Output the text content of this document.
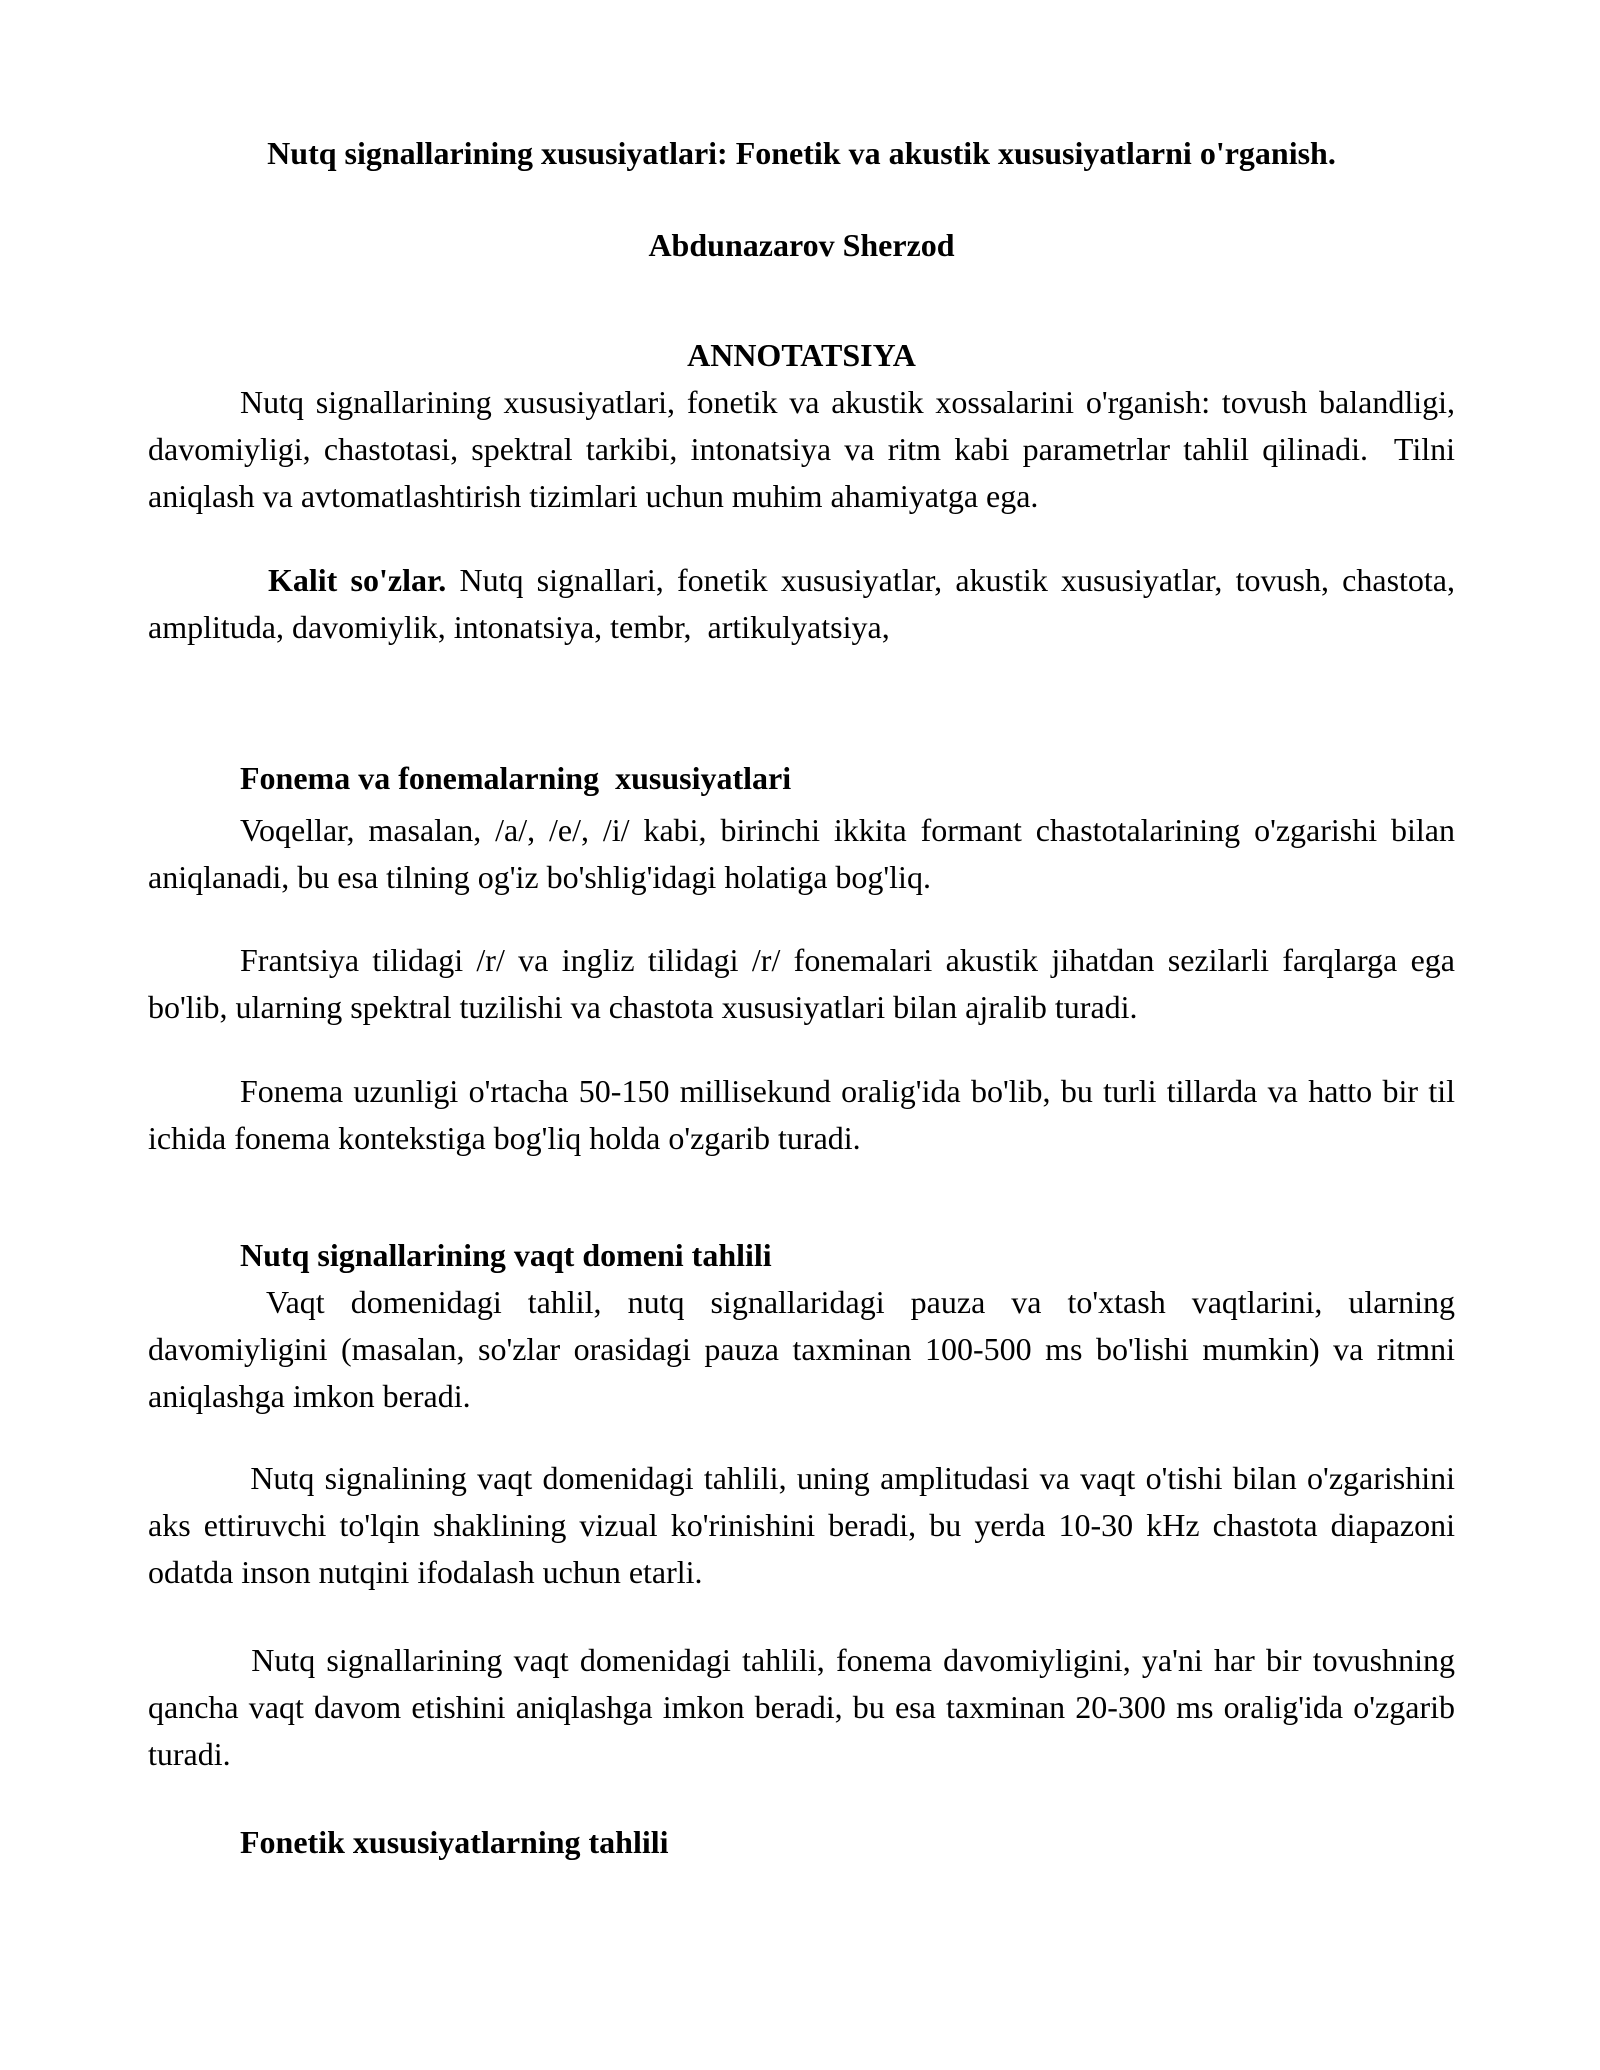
Nutq signallarining xususiyatlari: Fonetik va akustik xususiyatlarni o'rganish.

Abdunazarov Sherzod

ANNOTATSIYA

Nutq signallarining xususiyatlari, fonetik va akustik xossalarini o'rganish: tovush balandligi, davomiyligi, chastotasi, spektral tarkibi, intonatsiya va ritm kabi parametrlar tahlil qilinadi.  Tilni aniqlash va avtomatlashtirish tizimlari uchun muhim ahamiyatga ega.

Kalit so'zlar. Nutq signallari, fonetik xususiyatlar, akustik xususiyatlar, tovush, chastota, amplituda, davomiylik, intonatsiya, tembr,  artikulyatsiya,

Fonema va fonemalarning  xususiyatlari

Voqellar, masalan, /a/, /e/, /i/ kabi, birinchi ikkita formant chastotalarining o'zgarishi bilan aniqlanadi, bu esa tilning og'iz bo'shlig'idagi holatiga bog'liq.

Frantsiya tilidagi /r/ va ingliz tilidagi /r/ fonemalari akustik jihatdan sezilarli farqlarga ega bo'lib, ularning spektral tuzilishi va chastota xususiyatlari bilan ajralib turadi.

Fonema uzunligi o'rtacha 50-150 millisekund oralig'ida bo'lib, bu turli tillarda va hatto bir til ichida fonema kontekstiga bog'liq holda o'zgarib turadi.

Nutq signallarining vaqt domeni tahlili

Vaqt domenidagi tahlil, nutq signallaridagi pauza va to'xtash vaqtlarini, ularning davomiyligini (masalan, so'zlar orasidagi pauza taxminan 100-500 ms bo'lishi mumkin) va ritmni aniqlashga imkon beradi.

Nutq signalining vaqt domenidagi tahlili, uning amplitudasi va vaqt o'tishi bilan o'zgarishini aks ettiruvchi to'lqin shaklining vizual ko'rinishini beradi, bu yerda 10-30 kHz chastota diapazoni odatda inson nutqini ifodalash uchun etarli.

Nutq signallarining vaqt domenidagi tahlili, fonema davomiyligini, ya'ni har bir tovushning qancha vaqt davom etishini aniqlashga imkon beradi, bu esa taxminan 20-300 ms oralig'ida o'zgarib turadi.

Fonetik xususiyatlarning tahlili
